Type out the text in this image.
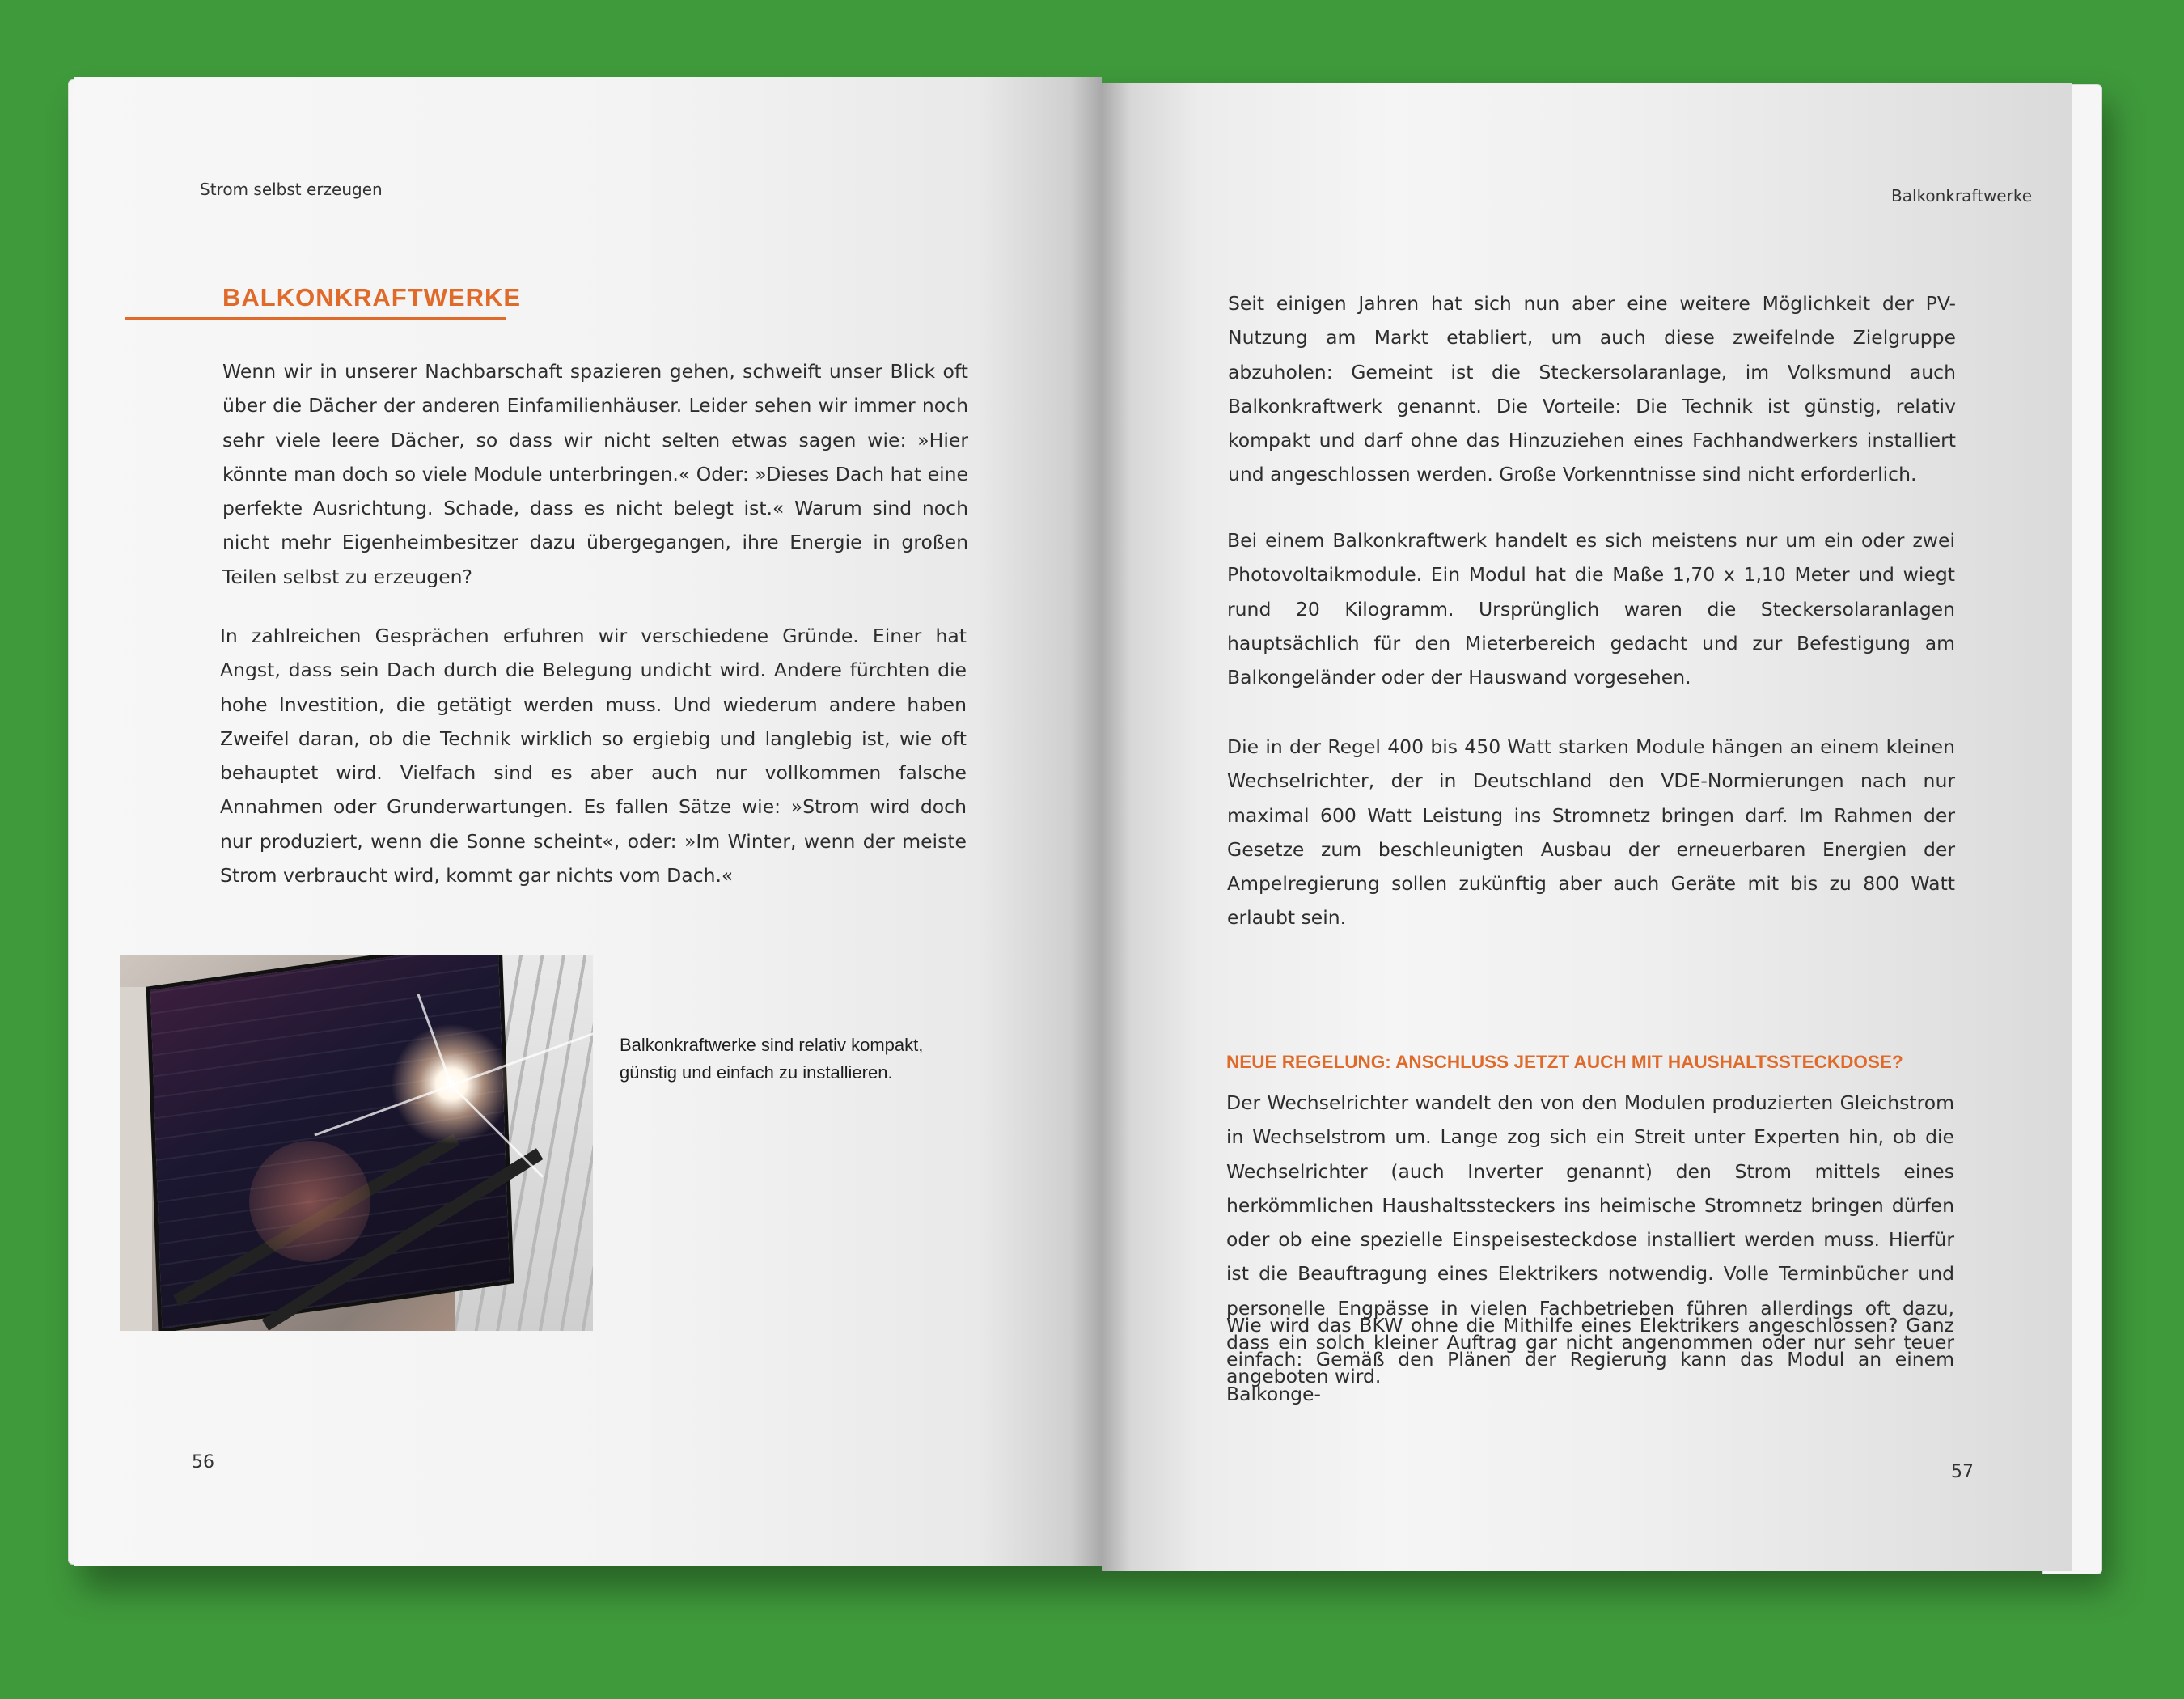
Strom selbst erzeugen
BALKONKRAFTWERKE

Wenn wir in unserer Nachbarschaft spazieren gehen, schweift unser Blick oft über die Dächer der anderen Einfamilienhäuser. Leider sehen wir immer noch sehr viele leere Dächer, so dass wir nicht selten etwas sagen wie: »Hier könnte man doch so viele Module unterbringen.« Oder: »Dieses Dach hat eine perfekte Ausrichtung. Schade, dass es nicht belegt ist.« Warum sind noch nicht mehr Eigenheimbesitzer dazu übergegangen, ihre Energie in großen Teilen selbst zu erzeugen?

In zahlreichen Gesprächen erfuhren wir verschiedene Gründe. Einer hat Angst, dass sein Dach durch die Belegung undicht wird. Andere fürchten die hohe Investition, die getätigt werden muss. Und wiederum andere haben Zweifel daran, ob die Technik wirklich so ergiebig und langlebig ist, wie oft behauptet wird. Vielfach sind es aber auch nur vollkommen falsche Annahmen oder Grunderwartungen. Es fallen Sätze wie: »Strom wird doch nur produziert, wenn die Sonne scheint«, oder: »Im Winter, wenn der meiste Strom verbraucht wird, kommt gar nichts vom Dach.«

Balkonkraftwerke sind relativ kompakt, günstig und einfach zu installieren.

56
Balkonkraftwerke

Seit einigen Jahren hat sich nun aber eine weitere Möglichkeit der PV-Nutzung am Markt etabliert, um auch diese zweifelnde Zielgruppe abzuholen: Gemeint ist die Steckersolaranlage, im Volksmund auch Balkonkraftwerk genannt. Die Vorteile: Die Technik ist günstig, relativ kompakt und darf ohne das Hinzuziehen eines Fachhandwerkers installiert und angeschlossen werden. Große Vorkenntnisse sind nicht erforderlich.

Bei einem Balkonkraftwerk handelt es sich meistens nur um ein oder zwei Photovoltaikmodule. Ein Modul hat die Maße 1,70 x 1,10 Meter und wiegt rund 20 Kilogramm. Ursprünglich waren die Steckersolaranlagen hauptsächlich für den Mieterbereich gedacht und zur Befestigung am Balkongeländer oder der Hauswand vorgesehen.

Die in der Regel 400 bis 450 Watt starken Module hängen an einem kleinen Wechselrichter, der in Deutschland den VDE-Normierungen nach nur maximal 600 Watt Leistung ins Stromnetz bringen darf. Im Rahmen der Gesetze zum beschleunigten Ausbau der erneuerbaren Energien der Ampelregierung sollen zukünftig aber auch Geräte mit bis zu 800 Watt erlaubt sein.

NEUE REGELUNG: ANSCHLUSS JETZT AUCH MIT HAUSHALTSSTECKDOSE?

Der Wechselrichter wandelt den von den Modulen produzierten Gleichstrom in Wechselstrom um. Lange zog sich ein Streit unter Experten hin, ob die Wechselrichter (auch Inverter genannt) den Strom mittels eines herkömmlichen Haushaltssteckers ins heimische Stromnetz bringen dürfen oder ob eine spezielle Einspeisesteckdose installiert werden muss. Hierfür ist die Beauftragung eines Elektrikers notwendig. Volle Terminbücher und personelle Engpässe in vielen Fachbetrieben führen allerdings oft dazu, dass ein solch kleiner Auftrag gar nicht angenommen oder nur sehr teuer angeboten wird.

Wie wird das BKW ohne die Mithilfe eines Elektrikers angeschlossen? Ganz einfach: Gemäß den Plänen der Regierung kann das Modul an einem Balkonge-

57
